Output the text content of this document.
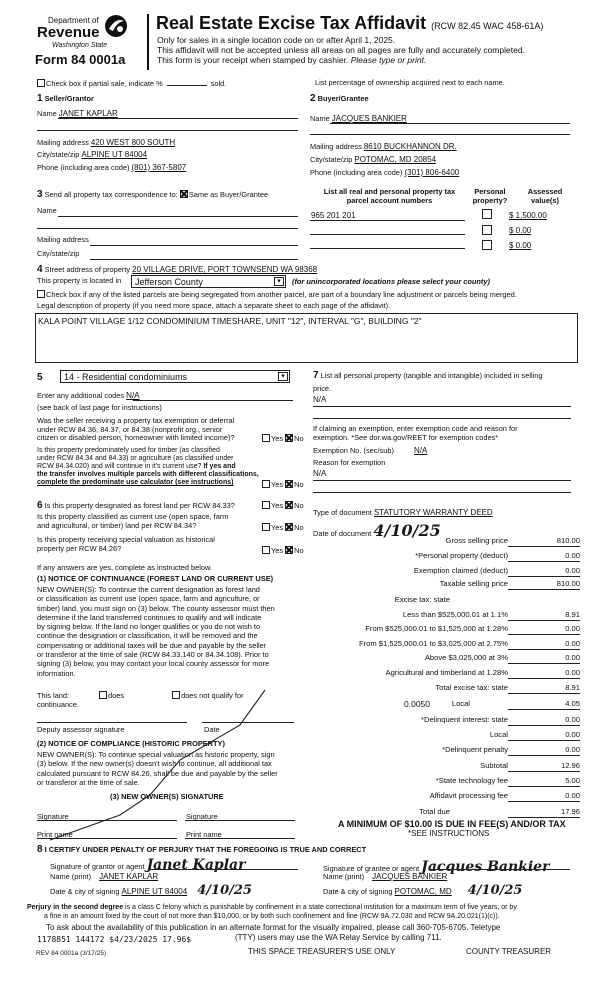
Department of
Revenue
Washington State
Form 84 0001a
Real Estate Excise Tax Affidavit (RCW 82.45 WAC 458-61A)
Only for sales in a single location code on or after April 1, 2025.
This affidavit will not be accepted unless all areas on all pages are fully and accurately completed.
This form is your receipt when stamped by cashier. Please type or print.
Check box if partial sale, indicate %	sold.	List percentage of ownership acquired next to each name.
1 Seller/Grantor
Name JANET KAPLAR
Mailing address 420 WEST 800 SOUTH
City/state/zip ALPINE UT 84004
Phone (including area code) (801) 367-5807
2 Buyer/Grantee
Name JACQUES BANKIER
Mailing address 8610 BUCKHANNON DR.
City/state/zip POTOMAC, MD 20854
Phone (including area code) (301) 806-6400
3 Send all property tax correspondence to: Same as Buyer/Grantee
Name
Mailing address
City/state/zip
List all real and personal property tax
parcel account numbers
Personal
property?
Assessed
value(s)
965 201 201	$ 1,500.00
$ 0.00
$ 0.00
4 Street address of property 20 VILLAGE DRIVE, PORT TOWNSEND WA 98368
This property is located in Jefferson County	▾	(for unincorporated locations please select your county)
Check box if any of the listed parcels are being segregated from another parcel, are part of a boundary line adjustment or parcels being merged.
Legal description of property (if you need more space, attach a separate sheet to each page of the affidavit).
KALA POINT VILLAGE 1/12 CONDOMINIUM TIMESHARE, UNIT "12", INTERVAL "G", BUILDING "2"
5 14 - Residential condominiums	▾
Enter any additional codes N/A
(see back of last page for instructions)
Was the seller receiving a property tax exemption or deferral
under RCW 84.36, 84.37, or 84.38 (nonprofit org., senior
citizen or disabled person, homeowner with limited income)?	Yes No
Is this property predominately used for timber (as classified
under RCW 84.34 and 84.33) or agriculture (as classified under
RCW 84.34.020) and will continue in it's current use? If yes and
the transfer involves multiple parcels with different classifications,
complete the predominate use calculator (see instructions)	Yes No
6 Is this property designated as forest land per RCW 84.33?	Yes No
Is this property classified as current use (open space, farm
and agricultural, or timber) land per RCW 84.34?	Yes No
Is this property receiving special valuation as historical
property per RCW 84.26?	Yes No
If any answers are yes, complete as instructed below.
(1) NOTICE OF CONTINUANCE (FOREST LAND OR CURRENT USE)
NEW OWNER(S): To continue the current designation as forest land
or classification as current use (open space, farm and agriculture, or
timber) land, you must sign on (3) below. The county assessor must then
determine if the land transferred continues to qualify and will indicate
by signing below. If the land no longer qualifies or you do not wish to
continue the designation or classification, it will be removed and the
compensating or additional taxes will be due and payable by the seller
or transferor at the time of sale (RCW 84.33.140 or 84.34.108). Prior to
signing (3) below, you may contact your local county assessor for more
information.
This land:	does	does not qualify for
continuance.
Deputy assessor signature	Date
(2) NOTICE OF COMPLIANCE (HISTORIC PROPERTY)
NEW OWNER(S): To continue special valuation as historic property, sign
(3) below. If the new owner(s) doesn't wish to continue, all additional tax
calculated pursuant to RCW 84.26, shall be due and payable by the seller
or transferor at the time of sale.
(3) NEW OWNER(S) SIGNATURE
Signature	Signature
Print name	Print name
7 List all personal property (tangible and intangible) included in selling
price.
N/A
If claiming an exemption, enter exemption code and reason for
exemption. *See dor.wa.gov/REET for exemption codes*
Exemption No. (sec/sub)	N/A
Reason for exemption
N/A
Type of document STATUTORY WARRANTY DEED
Date of document 4/10/25
Gross selling price	810.00
*Personal property (deduct)	0.00
Exemption claimed (deduct)	0.00
Taxable selling price	810.00
Excise tax: state
Less than $525,000.01 at 1.1%	8.91
From $525,000.01 to $1,525,000 at 1.28%	0.00
From $1,525,000.01 to $3,025,000 at 2.75%	0.00
Above $3,025,000 at 3%	0.00
Agricultural and timberland at 1.28%	0.00
Total excise tax: state	8.91
Local
0.0050	4.05
*Delinquent interest: state	0.00
Local	0.00
*Delinquent penalty	0.00
Subtotal	12.96
*State technology fee	5.00
Affidavit processing fee	0.00
Total due	17.96
A MINIMUM OF $10.00 IS DUE IN FEE(S) AND/OR TAX
*SEE INSTRUCTIONS
8 I CERTIFY UNDER PENALTY OF PERJURY THAT THE FOREGOING IS TRUE AND CORRECT
Signature of grantor or agent Janet Kaplar
Name (print) JANET KAPLAR
Date & city of signing ALPINE UT 84004 4/10/25
Signature of grantee or agent Jacques Bankier
Name (print) JACQUES BANKIER
Date & city of signing POTOMAC, MD 4/10/25
Perjury in the second degree is a class C felony which is punishable by confinement in a state correctional institution for a maximum term of five years, or by
a fine in an amount fixed by the court of not more than $10,000, or by both such confinement and fine (RCW 9A.72.030 and RCW 9A.20.021(1)(c)).
To ask about the availability of this publication in an alternate format for the visually impaired, please call 360-705-6705. Teletype
(TTY) users may use the WA Relay Service by calling 711.
1178851 144172 $4/23/2025 17.96$
REV 84 0001a (3/17/25)	THIS SPACE TREASURER'S USE ONLY	COUNTY TREASURER
